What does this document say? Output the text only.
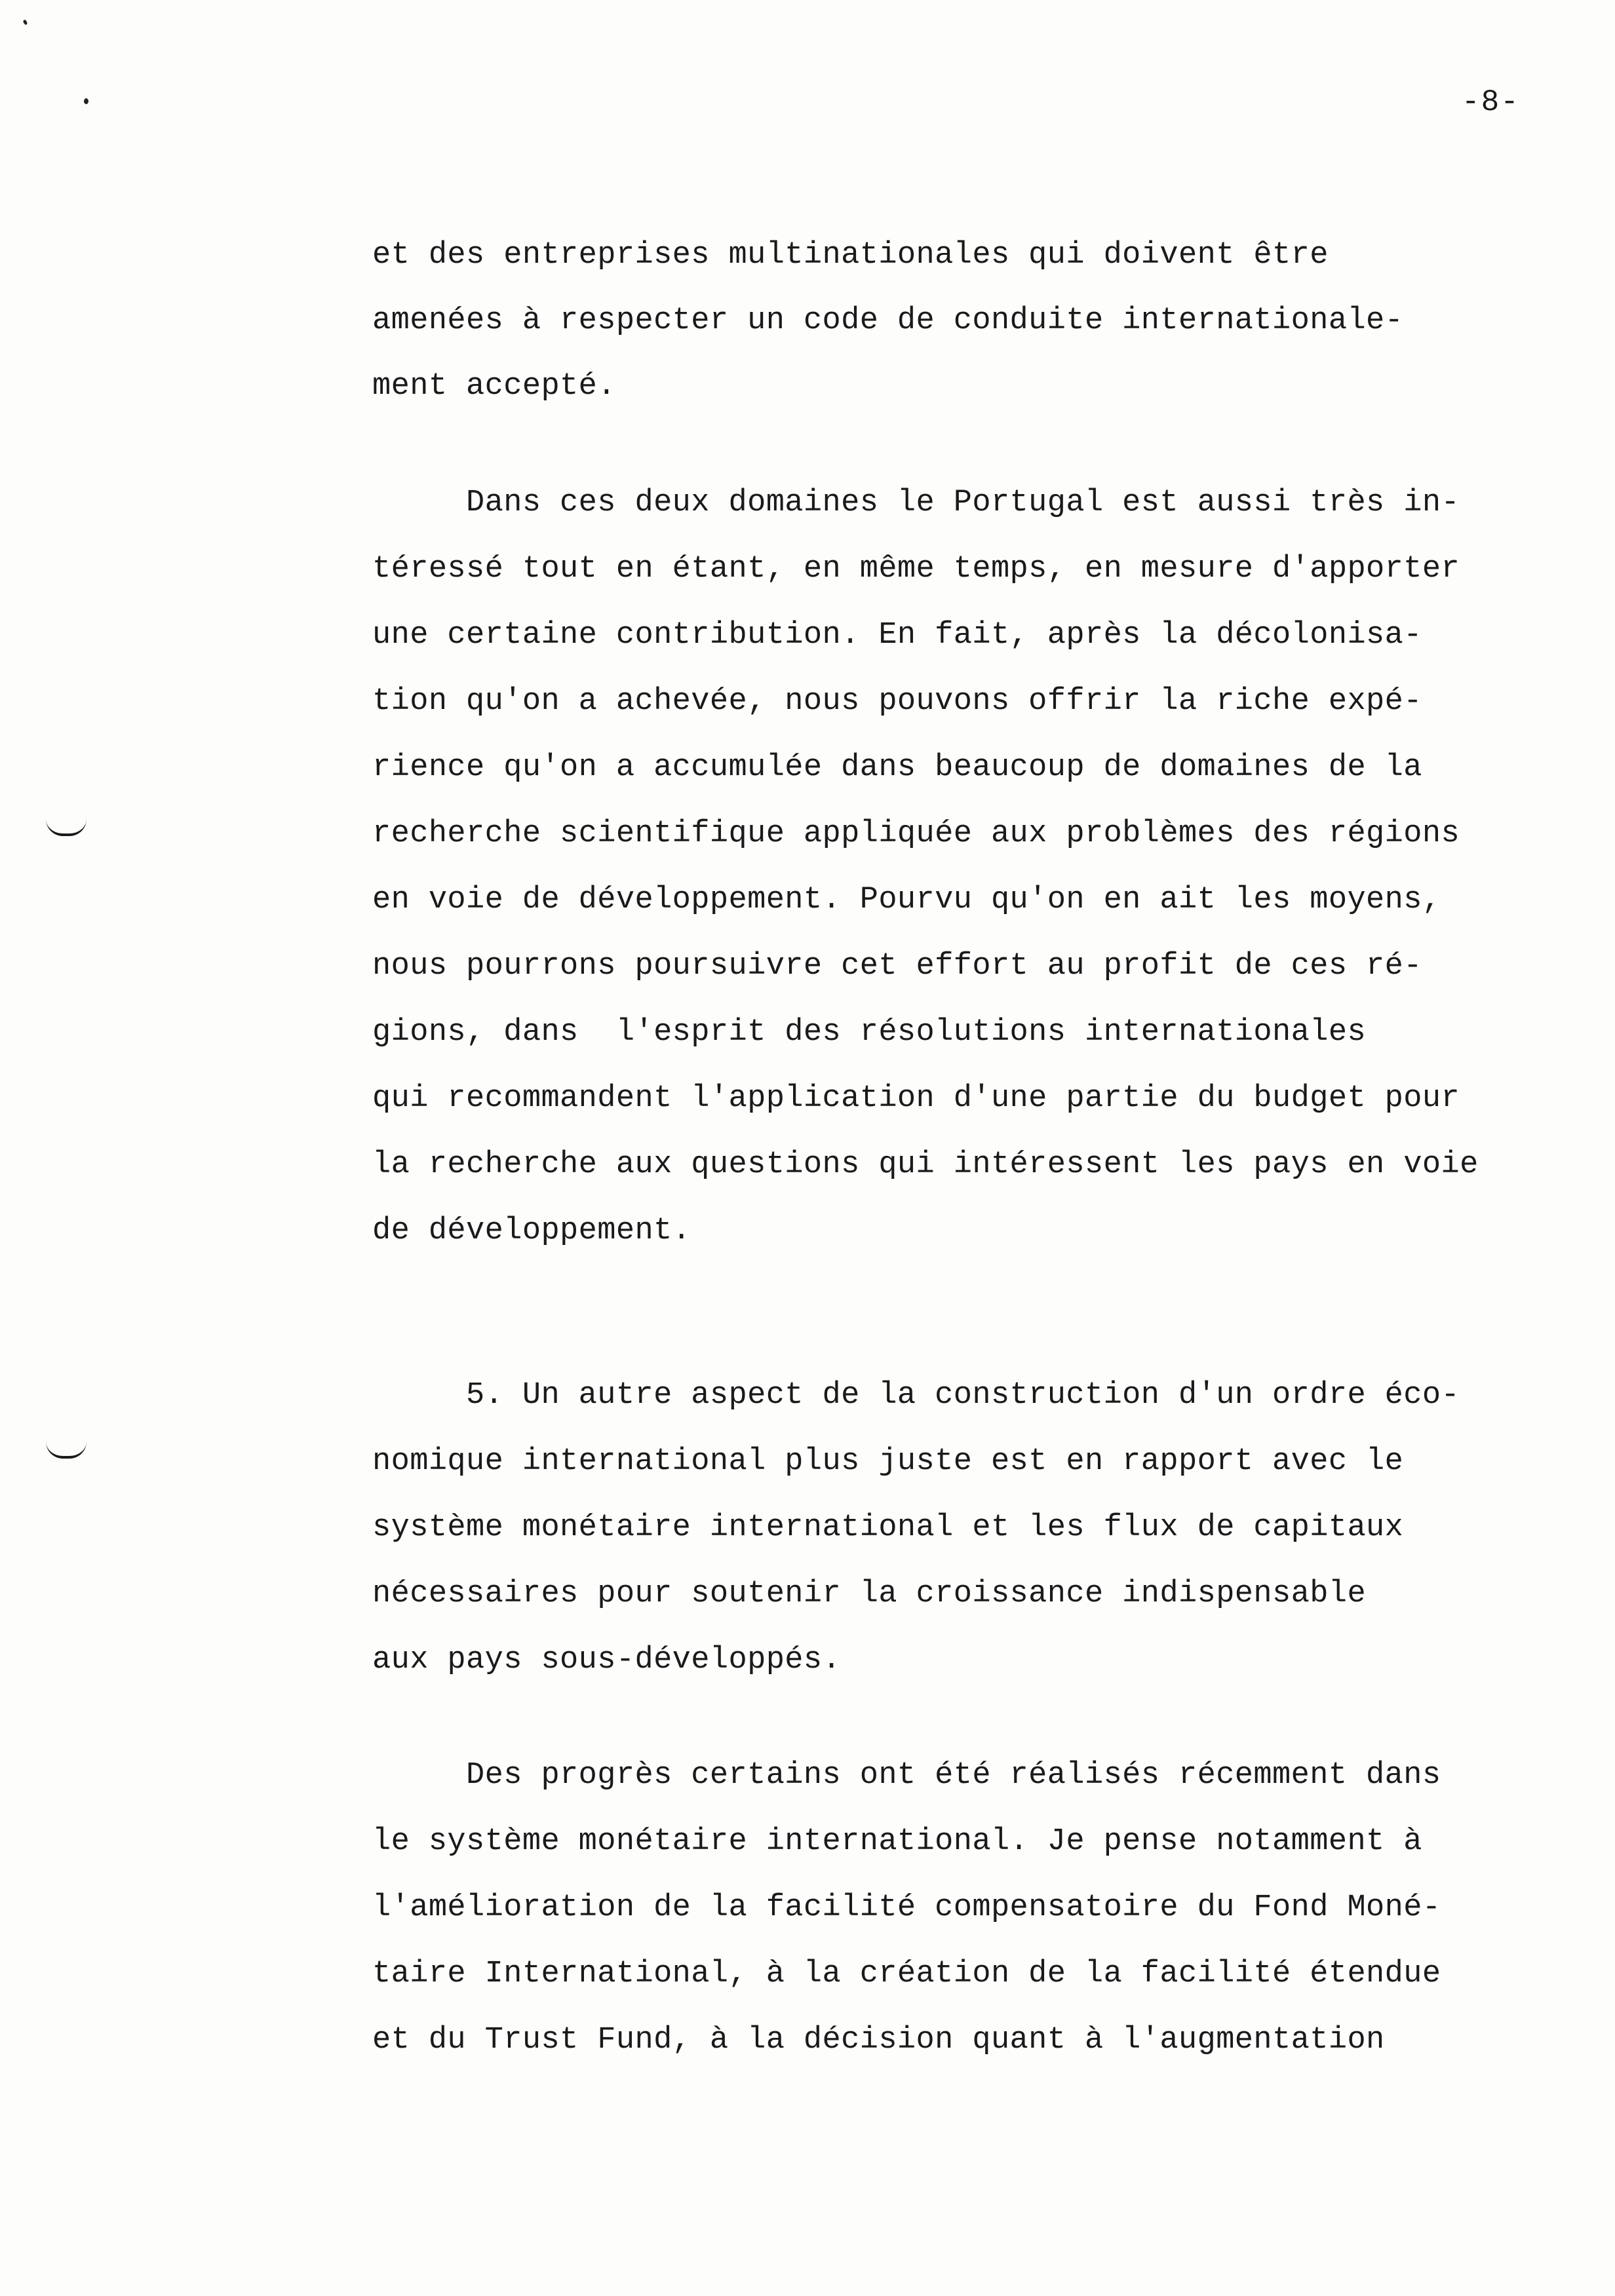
-8-
et des entreprises multinationales qui doivent être
amenées à respecter un code de conduite internationale-
ment accepté.
Dans ces deux domaines le Portugal est aussi très in-
téressé tout en étant, en même temps, en mesure d'apporter
une certaine contribution. En fait, après la décolonisa-
tion qu'on a achevée, nous pouvons offrir la riche expé-
rience qu'on a accumulée dans beaucoup de domaines de la
recherche scientifique appliquée aux problèmes des régions
en voie de développement. Pourvu qu'on en ait les moyens,
nous pourrons poursuivre cet effort au profit de ces ré-
gions, dans  l'esprit des résolutions internationales
qui recommandent l'application d'une partie du budget pour
la recherche aux questions qui intéressent les pays en voie
de développement.
5. Un autre aspect de la construction d'un ordre éco-
nomique international plus juste est en rapport avec le
système monétaire international et les flux de capitaux
nécessaires pour soutenir la croissance indispensable
aux pays sous-développés.
Des progrès certains ont été réalisés récemment dans
le système monétaire international. Je pense notamment à
l'amélioration de la facilité compensatoire du Fond Moné-
taire International, à la création de la facilité étendue
et du Trust Fund, à la décision quant à l'augmentation
